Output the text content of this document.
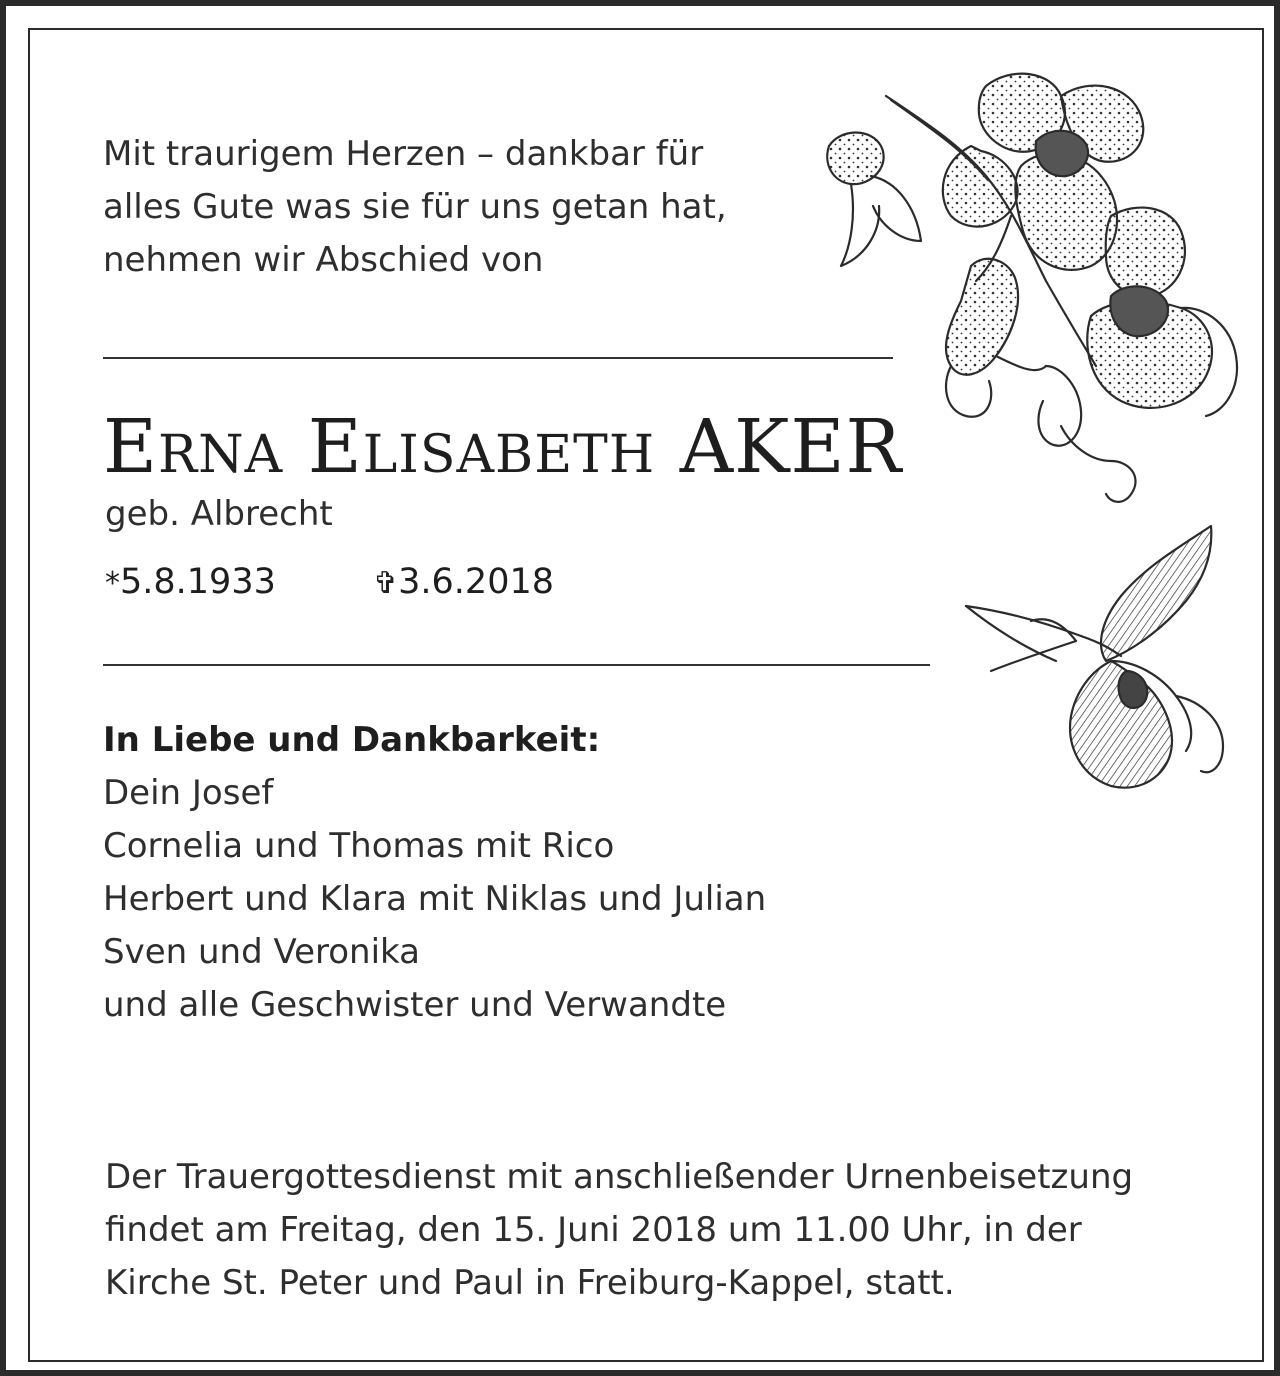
Mit traurigem Herzen – dankbar für
alles Gute was sie für uns getan hat,
nehmen wir Abschied von
Erna Elisabeth AKER
geb. Albrecht
*5.8.1933	✞3.6.2018
In Liebe und Dankbarkeit:
Dein Josef
Cornelia und Thomas mit Rico
Herbert und Klara mit Niklas und Julian
Sven und Veronika
und alle Geschwister und Verwandte
Der Trauergottesdienst mit anschließender Urnenbeisetzung
findet am Freitag, den 15. Juni 2018 um 11.00 Uhr, in der
Kirche St. Peter und Paul in Freiburg-Kappel, statt.
